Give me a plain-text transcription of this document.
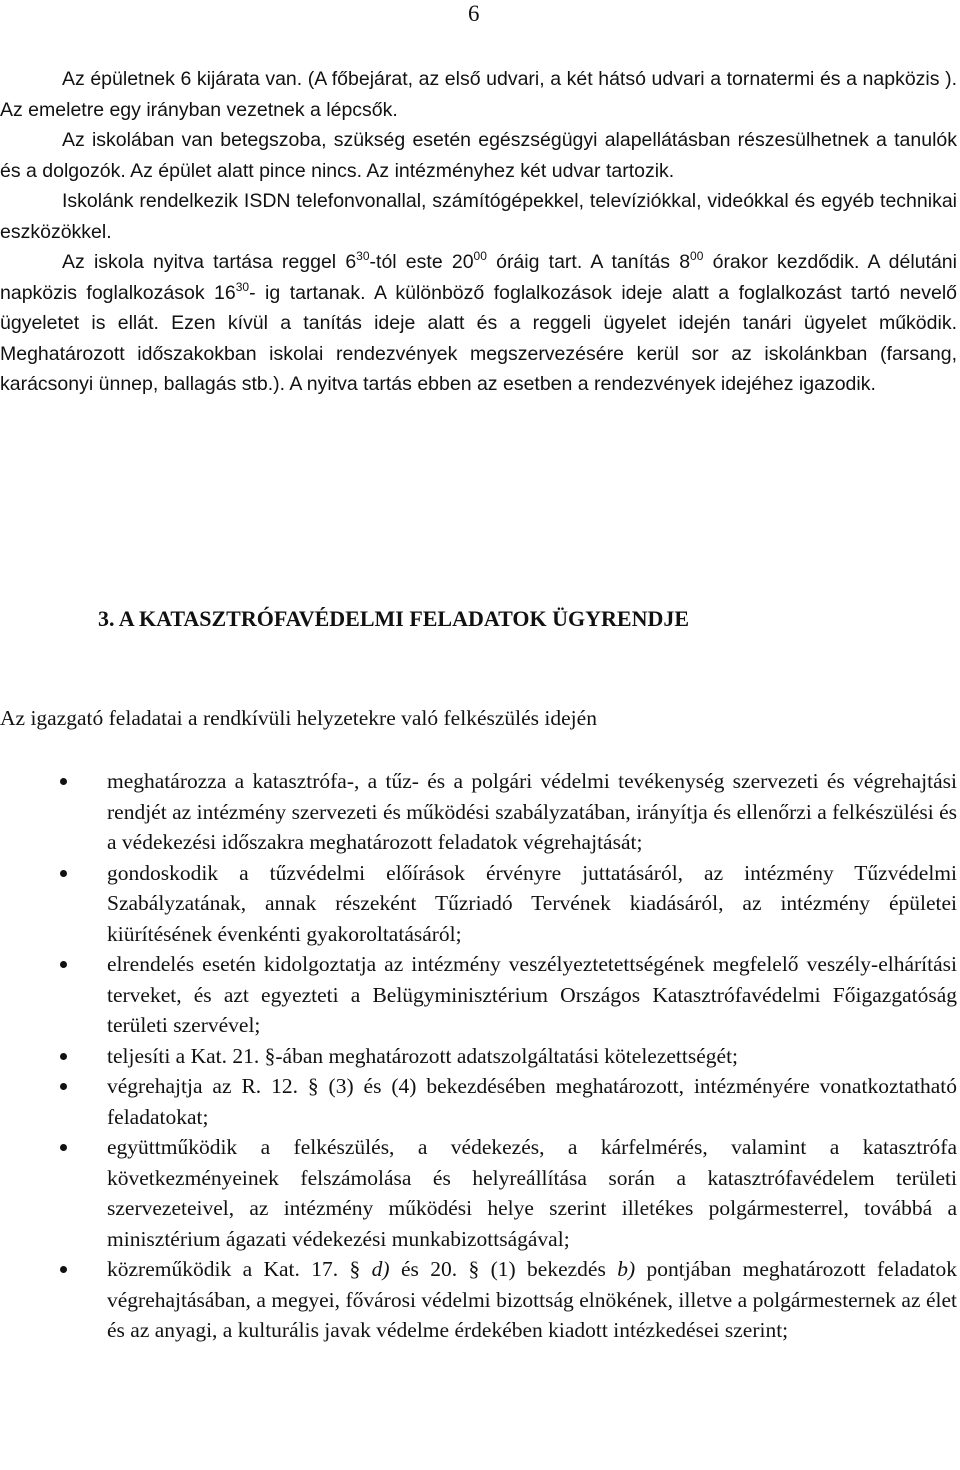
6

Az épületnek 6 kijárata van. (A főbejárat, az első udvari, a két hátsó udvari a tornatermi és a napközis ). Az emeletre egy irányban vezetnek a lépcsők.

Az iskolában van betegszoba, szükség esetén egészségügyi alapellátásban részesülhetnek a tanulók és a dolgozók. Az épület alatt pince nincs. Az intézményhez két udvar tartozik.

Iskolánk rendelkezik ISDN telefonvonallal, számítógépekkel, televíziókkal, videókkal és egyéb technikai eszközökkel.

Az iskola nyitva tartása reggel $6^{30}$-tól este $20^{00}$ óráig tart. A tanítás $8^{00}$ órakor kezdődik. A délutáni napközis foglalkozások $16^{30}-$ ig tartanak. A különböző foglalkozások ideje alatt a foglalkozást tartó nevelő ügyeletet is ellát. Ezen kívül a tanítás ideje alatt és a reggeli ügyelet idején tanári ügyelet működik. Meghatározott időszakokban iskolai rendezvények megszervezésére kerül sor az iskolánkban (farsang, karácsonyi ünnep, ballagás stb.). A nyitva tartás ebben az esetben a rendezvények idejéhez igazodik.

3. A KATASZTRÓFAVÉDELMI FELADATOK ÜGYRENDJE
Az igazgató feladatai a rendkívüli helyzetekre való felkészülés idején
meghatározza a katasztrófa-, a tűz- és a polgári védelmi tevékenység szervezeti és végrehajtási rendjét az intézmény szervezeti és működési szabályzatában, irányítja és ellenőrzi a felkészülési és a védekezési időszakra meghatározott feladatok végrehajtását;
gondoskodik a tűzvédelmi előírások érvényre juttatásáról, az intézmény Tűzvédelmi Szabályzatának, annak részeként Tűzriadó Tervének kiadásáról, az intézmény épületei kiürítésének évenkénti gyakoroltatásáról;
elrendelés esetén kidolgoztatja az intézmény veszélyeztetettségének megfelelő veszély-elhárítási terveket, és azt egyezteti a Belügyminisztérium Országos Katasztrófavédelmi Főigazgatóság területi szervével;
teljesíti a Kat. 21. §-ában meghatározott adatszolgáltatási kötelezettségét;
végrehajtja az R. 12. § (3) és (4) bekezdésében meghatározott, intézményére vonatkoztatható feladatokat;
együttműködik a felkészülés, a védekezés, a kárfelmérés, valamint a katasztrófa következményeinek felszámolása és helyreállítása során a katasztrófavédelem területi szervezeteivel, az intézmény működési helye szerint illetékes polgármesterrel, továbbá a minisztérium ágazati védekezési munkabizottságával;
közreműködik a Kat. 17. § d) és 20. § (1) bekezdés b) pontjában meghatározott feladatok végrehajtásában, a megyei, fővárosi védelmi bizottság elnökének, illetve a polgármesternek az élet és az anyagi, a kulturális javak védelme érdekében kiadott intézkedései szerint;
